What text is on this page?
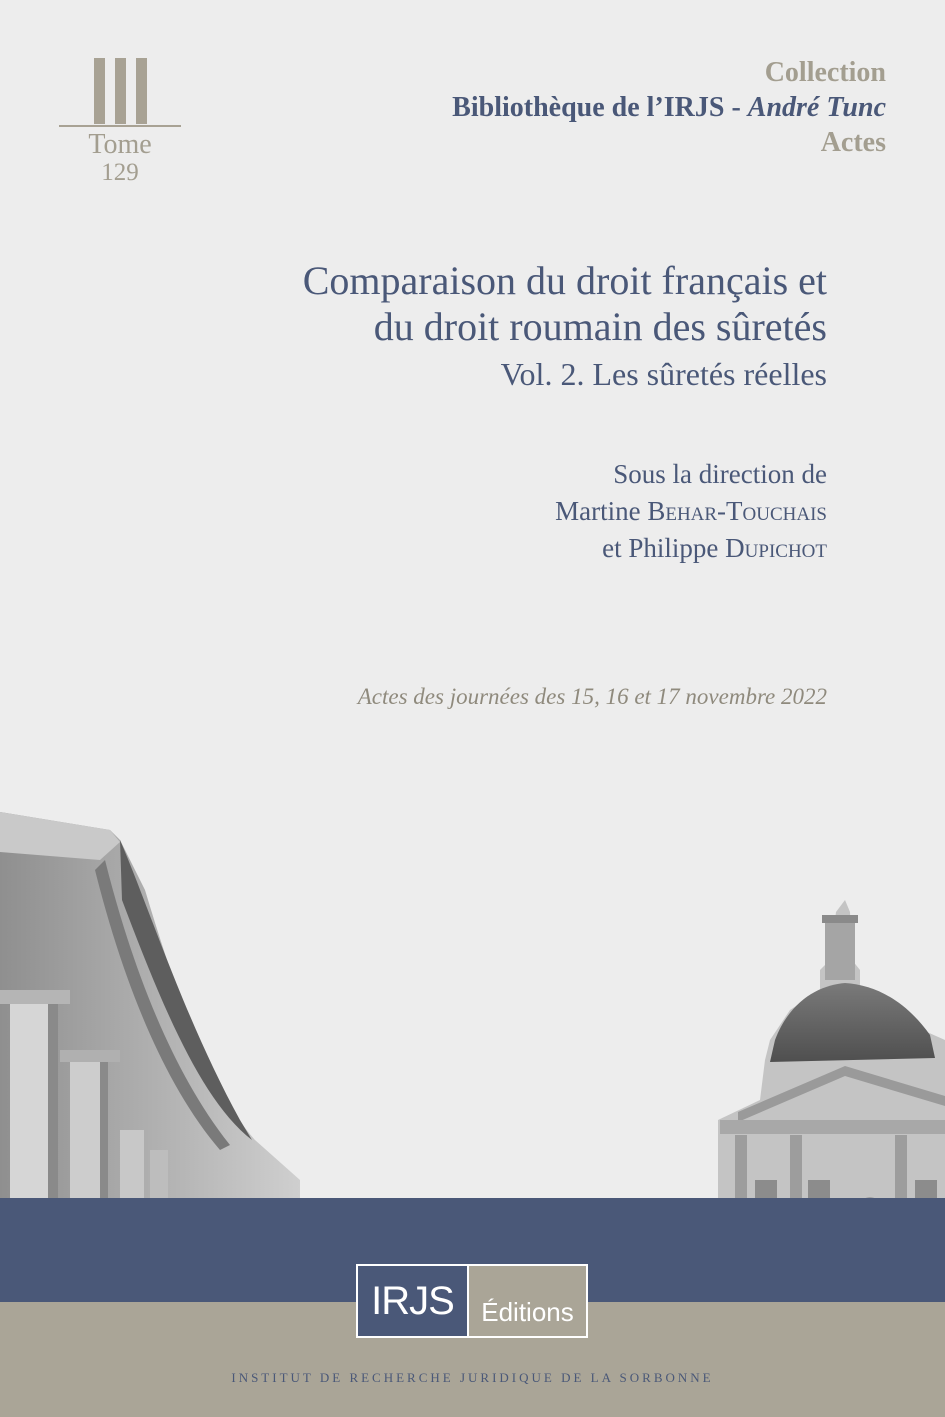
Tome
129
Collection
Bibliothèque de l’IRJS - André Tunc
Actes
Comparaison du droit français et
du droit roumain des sûretés
Vol. 2. Les sûretés réelles
Sous la direction de
Martine Behar-Touchais
et Philippe Dupichot
Actes des journées des 15, 16 et 17 novembre 2022
IRJS	Éditions
INSTITUT DE RECHERCHE JURIDIQUE DE LA SORBONNE
